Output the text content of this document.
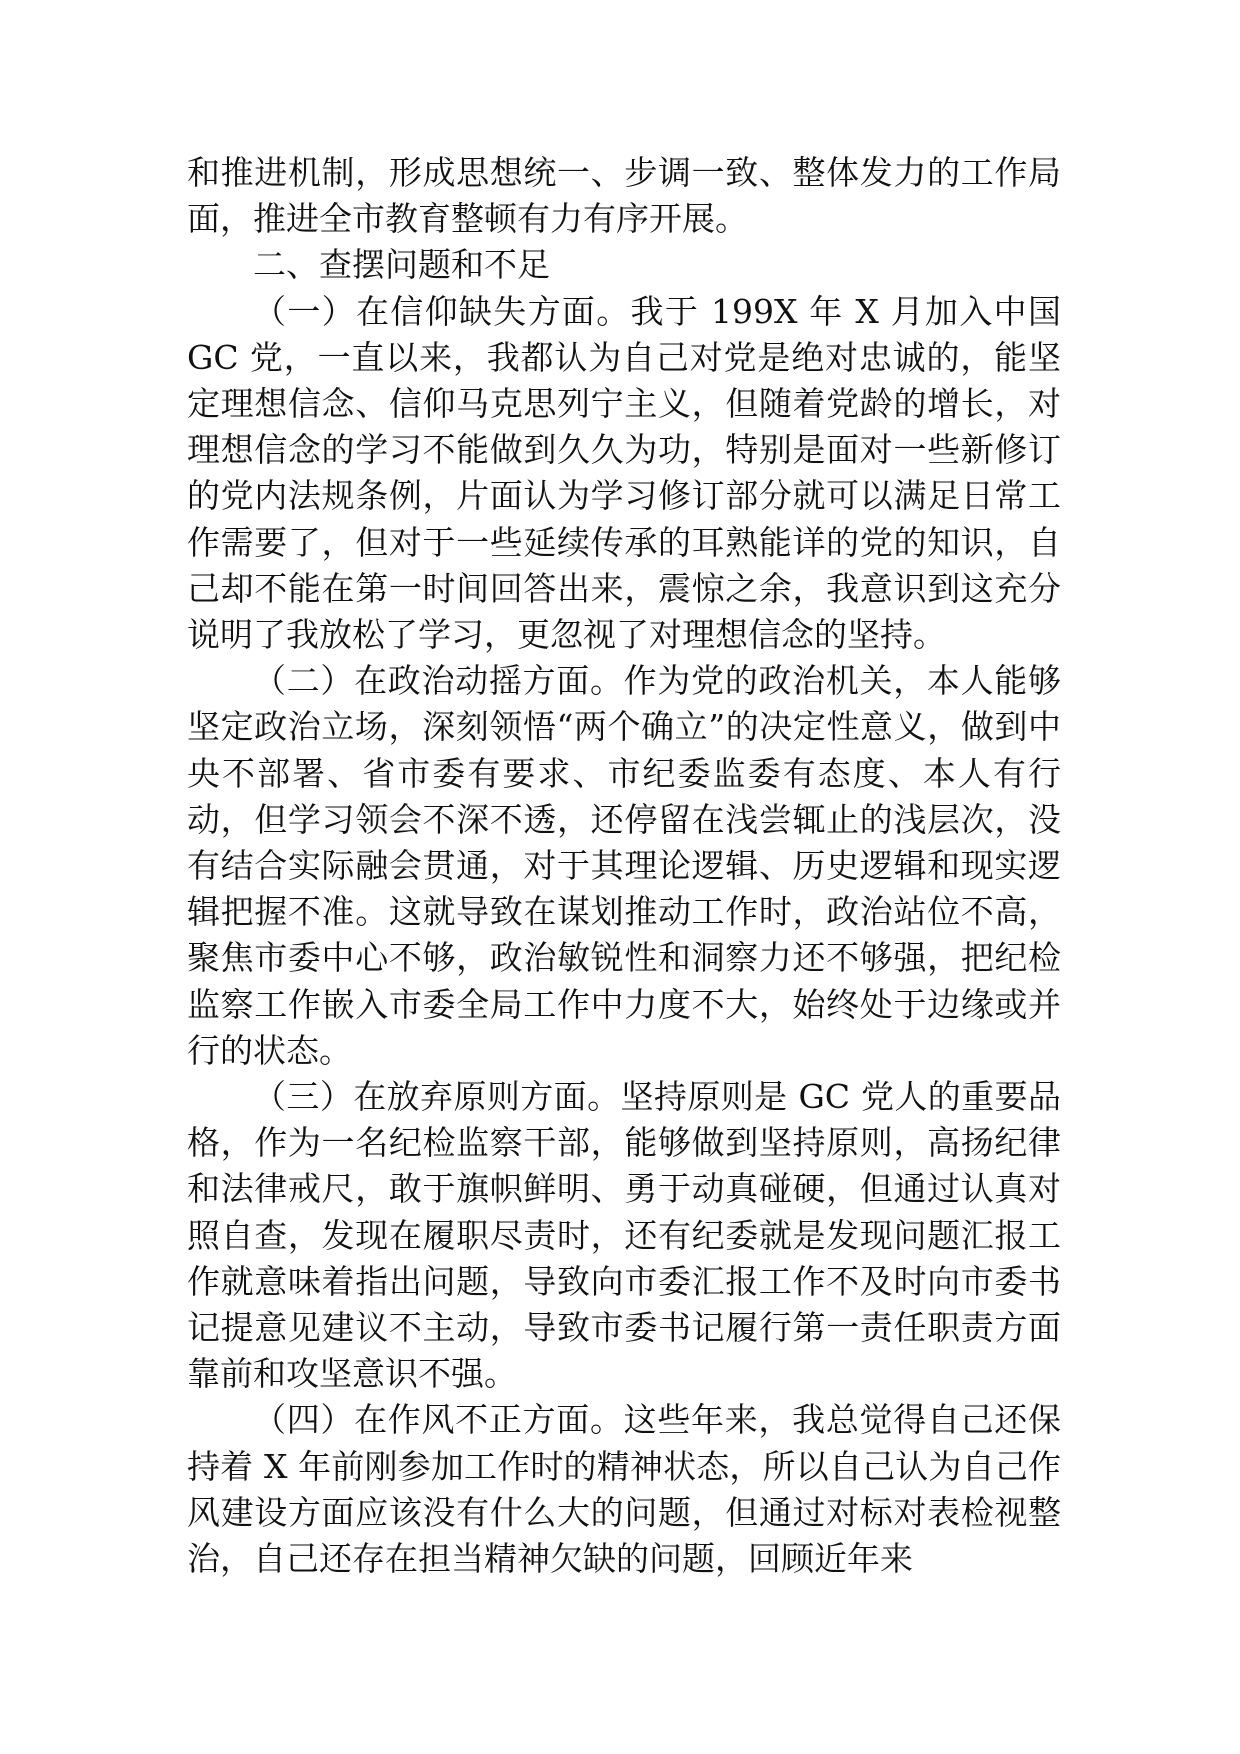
和推进机制，形成思想统一、步调一致、整体发力的工作局面，推进全市教育整顿有力有序开展。

二、查摆问题和不足

（一）在信仰缺失方面。我于 199X 年 X 月加入中国 GC 党，一直以来，我都认为自己对党是绝对忠诚的，能坚定理想信念、信仰马克思列宁主义，但随着党龄的增长，对理想信念的学习不能做到久久为功，特别是面对一些新修订的党内法规条例，片面认为学习修订部分就可以满足日常工作需要了，但对于一些延续传承的耳熟能详的党的知识，自己却不能在第一时间回答出来，震惊之余，我意识到这充分说明了我放松了学习，更忽视了对理想信念的坚持。

（二）在政治动摇方面。作为党的政治机关，本人能够坚定政治立场，深刻领悟“两个确立”的决定性意义，做到中央不部署、省市委有要求、市纪委监委有态度、本人有行动，但学习领会不深不透，还停留在浅尝辄止的浅层次，没有结合实际融会贯通，对于其理论逻辑、历史逻辑和现实逻辑把握不准。这就导致在谋划推动工作时，政治站位不高，聚焦市委中心不够，政治敏锐性和洞察力还不够强，把纪检监察工作嵌入市委全局工作中力度不大，始终处于边缘或并行的状态。

（三）在放弃原则方面。坚持原则是 GC 党人的重要品格，作为一名纪检监察干部，能够做到坚持原则，高扬纪律和法律戒尺，敢于旗帜鲜明、勇于动真碰硬，但通过认真对照自查，发现在履职尽责时，还有纪委就是发现问题汇报工作就意味着指出问题，导致向市委汇报工作不及时向市委书记提意见建议不主动，导致市委书记履行第一责任职责方面靠前和攻坚意识不强。

（四）在作风不正方面。这些年来，我总觉得自己还保持着 X 年前刚参加工作时的精神状态，所以自己认为自己作风建设方面应该没有什么大的问题，但通过对标对表检视整治，自己还存在担当精神欠缺的问题，回顾近年来
